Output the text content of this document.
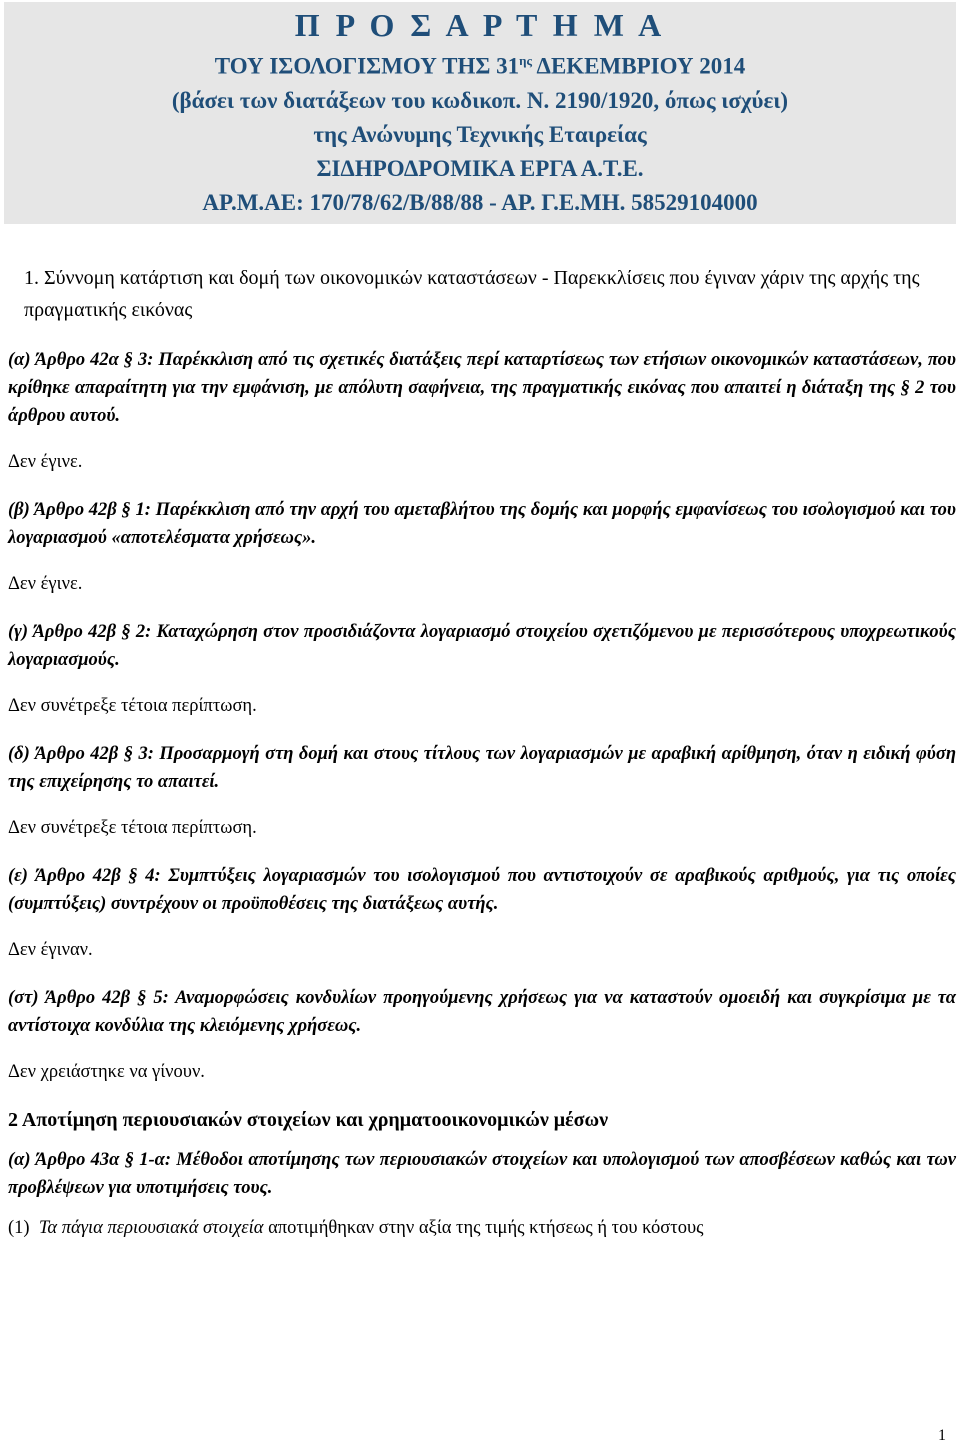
Π Ρ Ο Σ Α Ρ Τ Η Μ Α
ΤΟΥ ΙΣΟΛΟΓΙΣΜΟΥ ΤΗΣ $31^{\eta\varsigma}$ ΔΕΚΕΜΒΡΙΟΥ 2014
(βάσει των διατάξεων του κωδικοπ. Ν. 2190/1920, όπως ισχύει)
της Ανώνυμης Τεχνικής Εταιρείας
ΣΙΔΗΡΟΔΡΟΜΙΚΑ ΕΡΓΑ Α.Τ.Ε.
ΑΡ.Μ.ΑΕ: 170/78/62/Β/88/88 - ΑΡ. Γ.Ε.ΜΗ. 58529104000

1. Σύννομη κατάρτιση και δομή των οικονομικών καταστάσεων - Παρεκκλίσεις που έγιναν χάριν της αρχής της πραγματικής εικόνας

(α) Άρθρο 42α § 3: Παρέκκλιση από τις σχετικές διατάξεις περί καταρτίσεως των ετήσιων οικονομικών καταστάσεων, που κρίθηκε απαραίτητη για την εμφάνιση, με απόλυτη σαφήνεια, της πραγματικής εικόνας που απαιτεί η διάταξη της § 2 του άρθρου αυτού.

Δεν έγινε.

(β) Άρθρο 42β § 1: Παρέκκλιση από την αρχή του αμεταβλήτου της δομής και μορφής εμφανίσεως του ισολογισμού και του λογαριασμού «αποτελέσματα χρήσεως».

Δεν έγινε.

(γ) Άρθρο 42β § 2: Καταχώρηση στον προσιδιάζοντα λογαριασμό στοιχείου σχετιζόμενου με περισσότερους υποχρεωτικούς λογαριασμούς.

Δεν συνέτρεξε τέτοια περίπτωση.

(δ) Άρθρο 42β § 3: Προσαρμογή στη δομή και στους τίτλους των λογαριασμών με αραβική αρίθμηση, όταν η ειδική φύση της επιχείρησης το απαιτεί.

Δεν συνέτρεξε τέτοια περίπτωση.

(ε) Άρθρο 42β § 4: Συμπτύξεις λογαριασμών του ισολογισμού που αντιστοιχούν σε αραβικούς αριθμούς, για τις οποίες (συμπτύξεις) συντρέχουν οι προϋποθέσεις της διατάξεως αυτής.

Δεν έγιναν.

(στ) Άρθρο 42β § 5: Αναμορφώσεις κονδυλίων προηγούμενης χρήσεως για να καταστούν ομοειδή και συγκρίσιμα με τα αντίστοιχα κονδύλια της κλειόμενης χρήσεως.

Δεν χρειάστηκε να γίνουν.

2 Αποτίμηση περιουσιακών στοιχείων και χρηματοοικονομικών μέσων

(α) Άρθρο 43α § 1-α: Μέθοδοι αποτίμησης των περιουσιακών στοιχείων και υπολογισμού των αποσβέσεων καθώς και των προβλέψεων για υποτιμήσεις τους.

(1) Τα πάγια περιουσιακά στοιχεία αποτιμήθηκαν στην αξία της τιμής κτήσεως ή του κόστους

1
